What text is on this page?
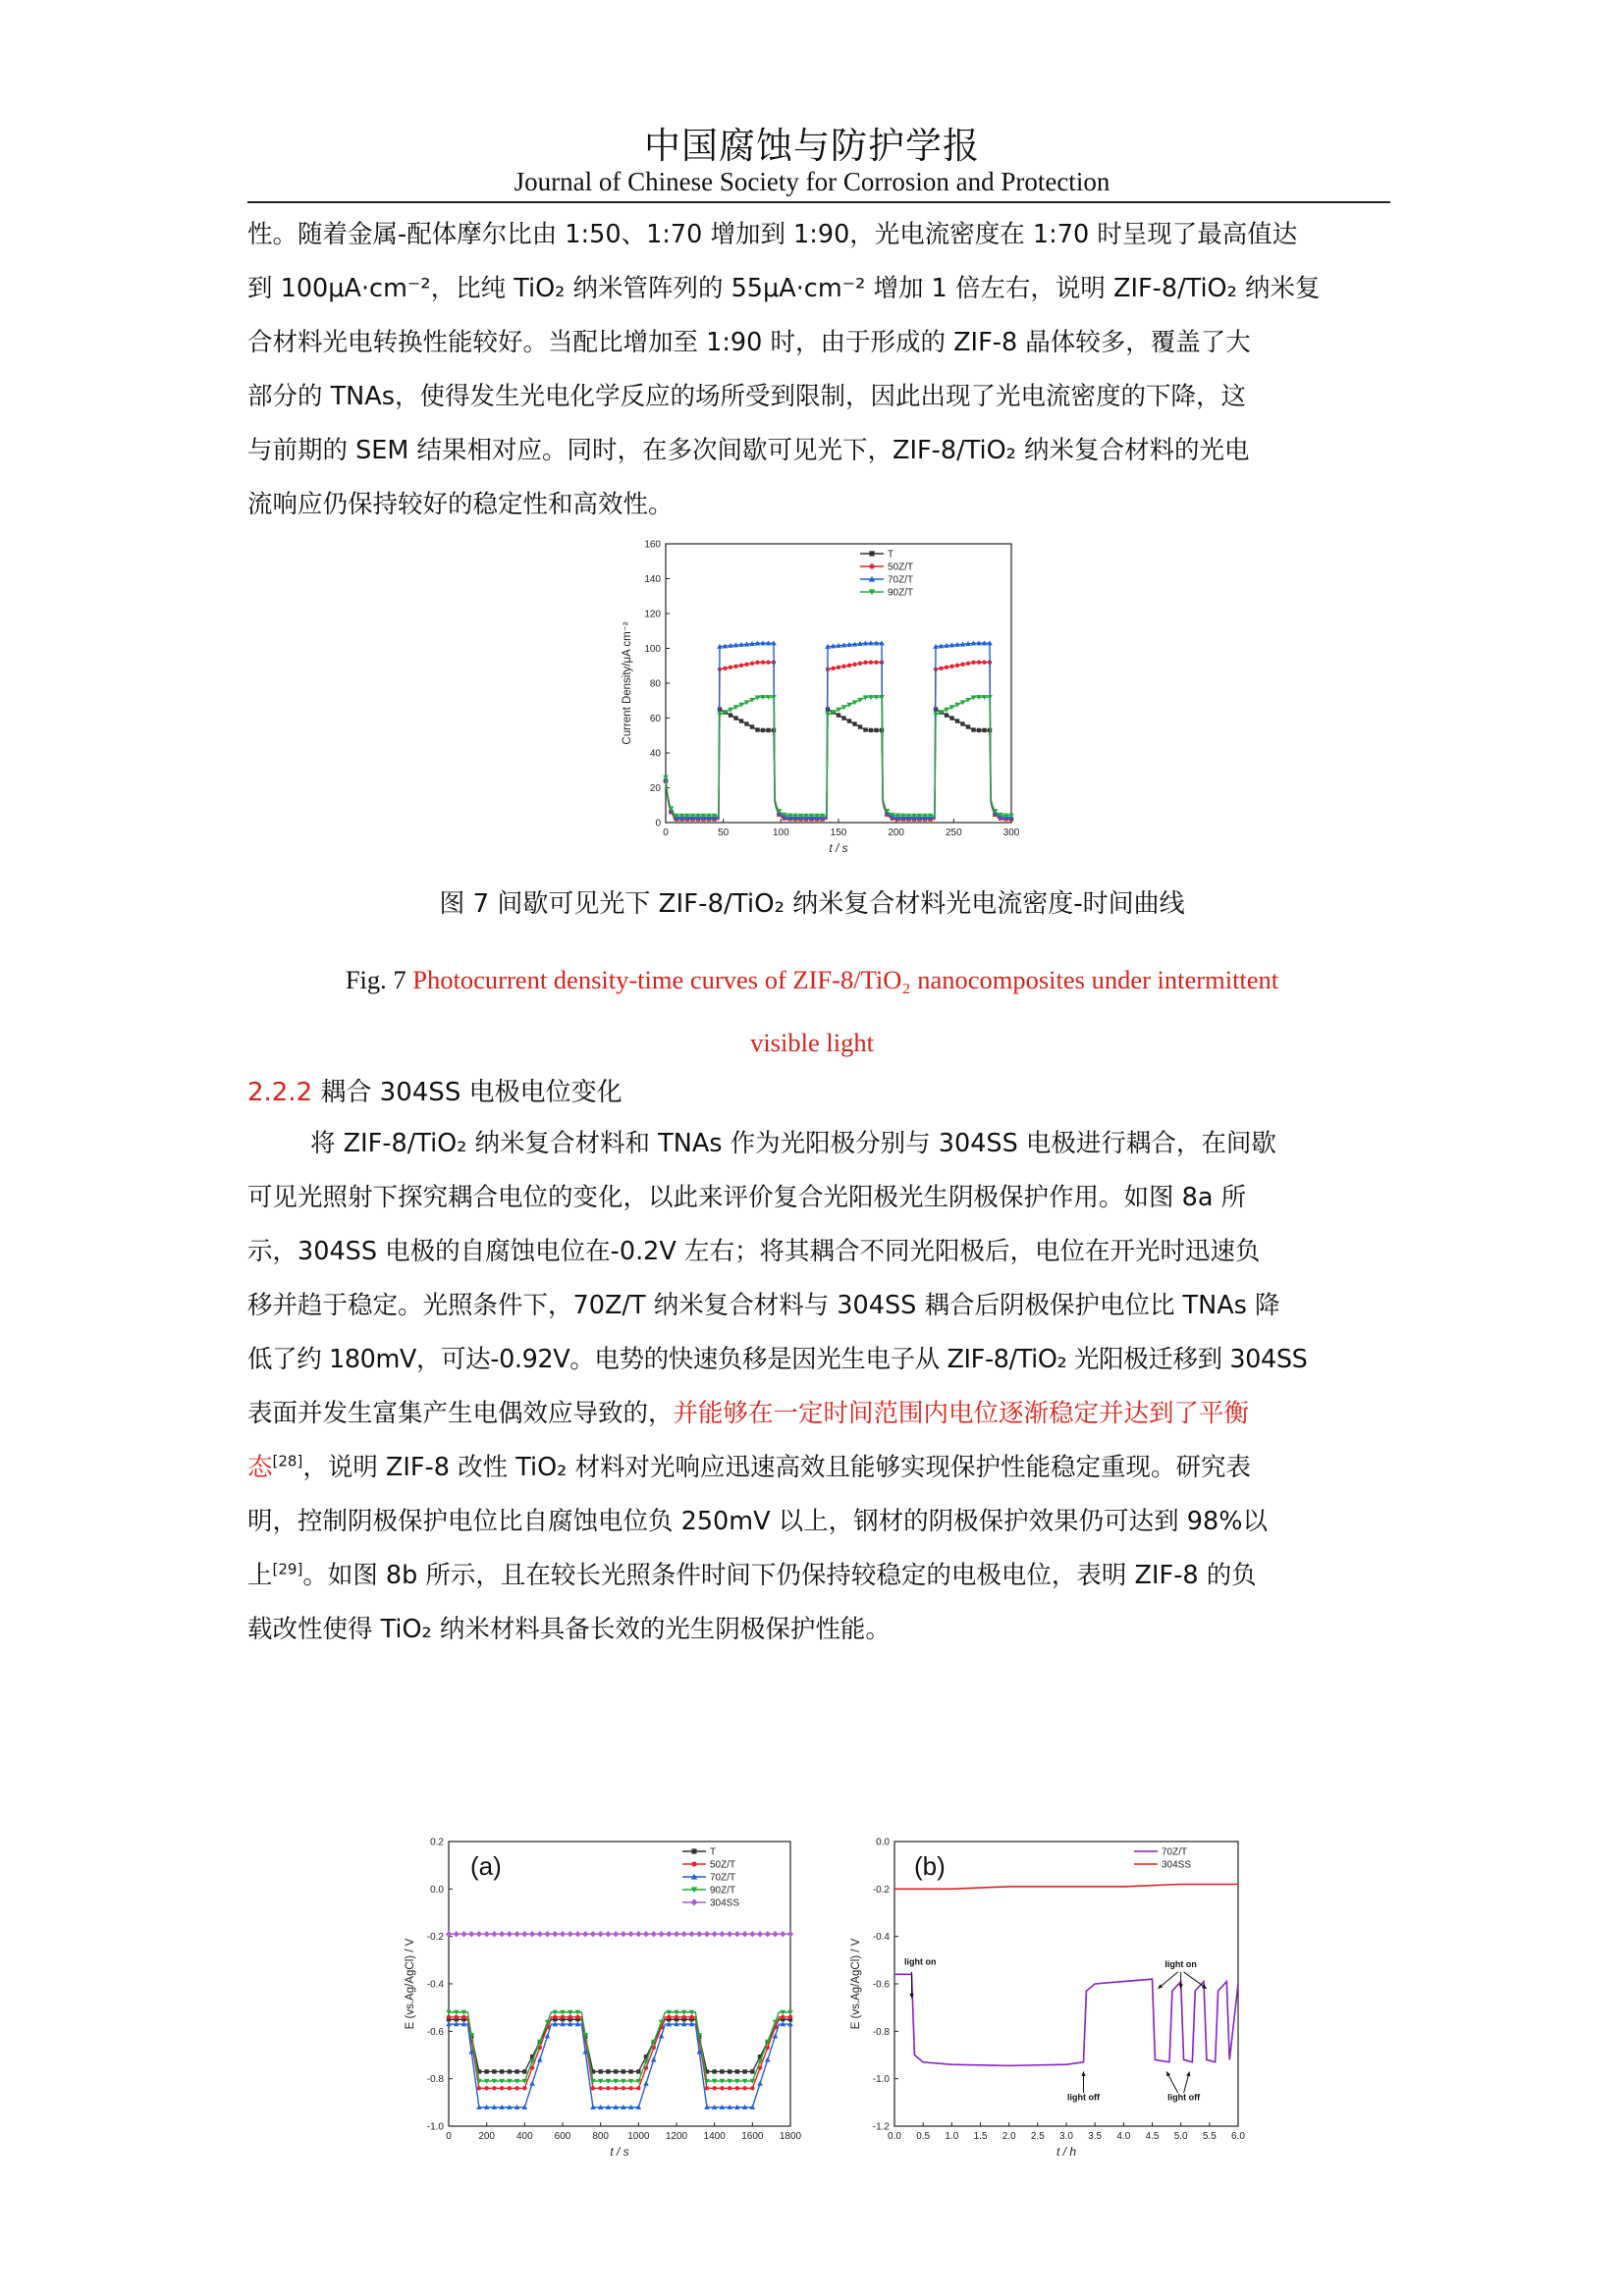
中国腐蚀与防护学报
Journal of Chinese Society for Corrosion and Protection
性。随着金属-配体摩尔比由 1:50、1:70 增加到 1:90，光电流密度在 1:70 时呈现了最高值达
到 100μA·cm⁻²，比纯 TiO₂ 纳米管阵列的 55μA·cm⁻² 增加 1 倍左右，说明 ZIF-8/TiO₂ 纳米复
合材料光电转换性能较好。当配比增加至 1:90 时，由于形成的 ZIF-8 晶体较多，覆盖了大
部分的 TNAs，使得发生光电化学反应的场所受到限制，因此出现了光电流密度的下降，这
与前期的 SEM 结果相对应。同时，在多次间歇可见光下，ZIF-8/TiO₂ 纳米复合材料的光电
流响应仍保持较好的稳定性和高效性。
0	50	100	150	200	250	300
0
20
40
60
80
100
120
140
160
t / s
Current Density/μA cm⁻²
T
50Z/T
70Z/T
90Z/T
图 7 间歇可见光下 ZIF-8/TiO₂ 纳米复合材料光电流密度-时间曲线
Fig. 7 Photocurrent density-time curves of ZIF-8/TiO₂ nanocomposites under intermittent
visible light
2.2.2 耦合 304SS 电极电位变化
将 ZIF-8/TiO₂ 纳米复合材料和 TNAs 作为光阳极分别与 304SS 电极进行耦合，在间歇
可见光照射下探究耦合电位的变化，以此来评价复合光阳极光生阴极保护作用。如图 8a 所
示，304SS 电极的自腐蚀电位在-0.2V 左右；将其耦合不同光阳极后，电位在开光时迅速负
移并趋于稳定。光照条件下，70Z/T 纳米复合材料与 304SS 耦合后阴极保护电位比 TNAs 降
低了约 180mV，可达-0.92V。电势的快速负移是因光生电子从 ZIF-8/TiO₂ 光阳极迁移到 304SS
表面并发生富集产生电偶效应导致的，并能够在一定时间范围内电位逐渐稳定并达到了平衡
态[28]，说明 ZIF-8 改性 TiO₂ 材料对光响应迅速高效且能够实现保护性能稳定重现。研究表
明，控制阴极保护电位比自腐蚀电位负 250mV 以上，钢材的阴极保护效果仍可达到 98%以
上[29]。如图 8b 所示，且在较长光照条件时间下仍保持较稳定的电极电位，表明 ZIF-8 的负
载改性使得 TiO₂ 纳米材料具备长效的光生阴极保护性能。
0	200 400 600 800 1000 1200 1400 1600 1800
-1.0
-0.8
-0.6
-0.4
-0.2
0.0
0.2
t / s
E (vs.Ag/AgCl) / V
(a)	T
50Z/T
70Z/T
90Z/T
304SS
0.0 0.5 1.0 1.5 2.0 2.5 3.0 3.5 4.0 4.5 5.0 5.5 6.0
-1.2
-1.0
-0.8
-0.6
-0.4
-0.2
0.0
t / h
E (vs.Ag/AgCl) / V
(b)	70Z/T
304SS
light on
light off
light on
light off
